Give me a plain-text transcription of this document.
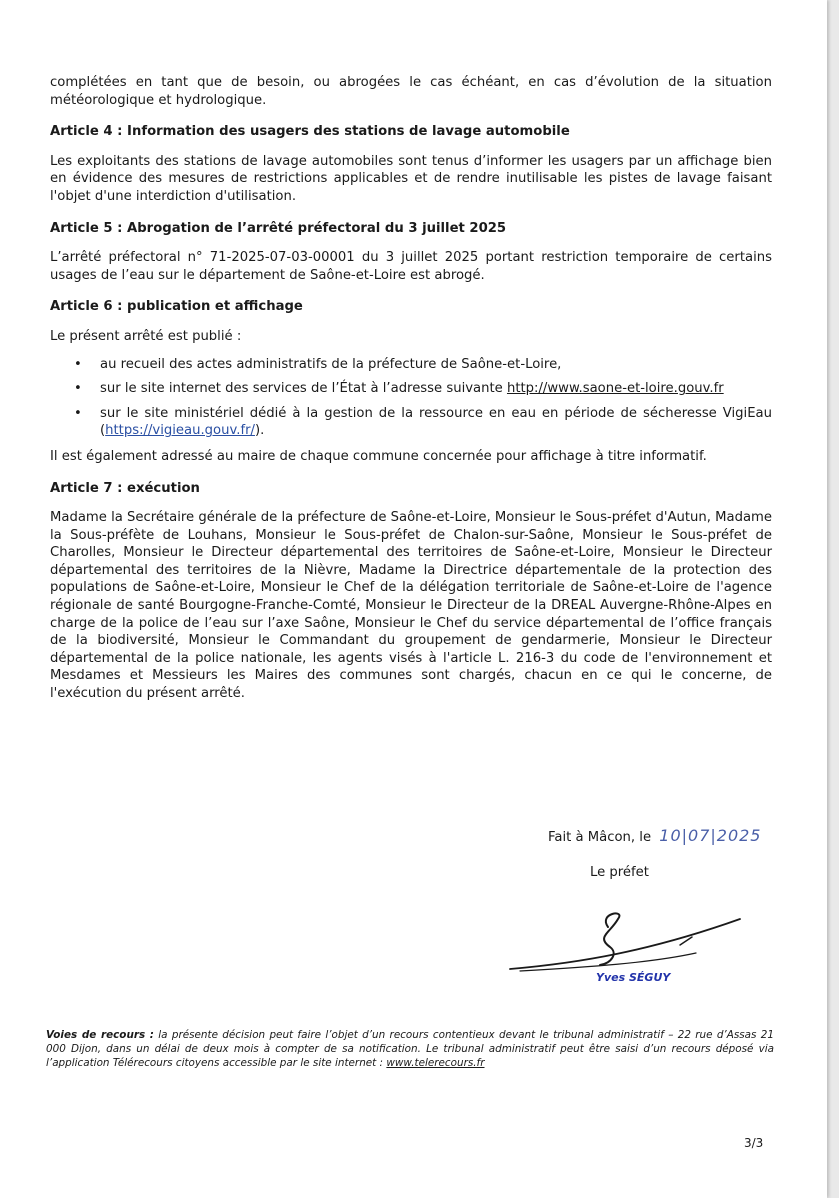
complétées en tant que de besoin, ou abrogées le cas échéant, en cas d’évolution de la situation météorologique et hydrologique.

Article 4 : Information des usagers des stations de lavage automobile

Les exploitants des stations de lavage automobiles sont tenus d’informer les usagers par un affichage bien en évidence des mesures de restrictions applicables et de rendre inutilisable les pistes de lavage faisant l'objet d'une interdiction d'utilisation.

Article 5 : Abrogation de l’arrêté préfectoral du 3 juillet 2025

L’arrêté préfectoral n° 71-2025-07-03-00001 du 3 juillet 2025 portant restriction temporaire de certains usages de l’eau sur le département de Saône-et-Loire est abrogé.

Article 6 : publication et affichage

Le présent arrêté est publié :

• au recueil des actes administratifs de la préfecture de Saône-et-Loire,
• sur le site internet des services de l’État à l’adresse suivante http://www.saone-et-loire.gouv.fr
• sur le site ministériel dédié à la gestion de la ressource en eau en période de sécheresse VigiEau (https://vigieau.gouv.fr/).

Il est également adressé au maire de chaque commune concernée pour affichage à titre informatif.

Article 7 : exécution

Madame la Secrétaire générale de la préfecture de Saône-et-Loire, Monsieur le Sous-préfet d'Autun, Madame la Sous-préfète de Louhans, Monsieur le Sous-préfet de Chalon-sur-Saône, Monsieur le Sous-préfet de Charolles, Monsieur le Directeur départemental des territoires de Saône-et-Loire, Monsieur le Directeur départemental des territoires de la Nièvre, Madame la Directrice départementale de la protection des populations de Saône-et-Loire, Monsieur le Chef de la délégation territoriale de Saône-et-Loire de l'agence régionale de santé Bourgogne-Franche-Comté, Monsieur le Directeur de la DREAL Auvergne-Rhône-Alpes en charge de la police de l’eau sur l’axe Saône, Monsieur le Chef du service départemental de l’office français de la biodiversité, Monsieur le Commandant du groupement de gendarmerie, Monsieur le Directeur départemental de la police nationale, les agents visés à l'article L. 216-3 du code de l'environnement et Mesdames et Messieurs les Maires des communes sont chargés, chacun en ce qui le concerne, de l'exécution du présent arrêté.

Fait à Mâcon, le 10|07|2025
Le préfet
Yves SÉGUY
Voies de recours : la présente décision peut faire l’objet d’un recours contentieux devant le tribunal administratif – 22 rue d’Assas 21 000 Dijon, dans un délai de deux mois à compter de sa notification. Le tribunal administratif peut être saisi d’un recours déposé via l’application Télérecours citoyens accessible par le site internet : www.telerecours.fr
3/3
